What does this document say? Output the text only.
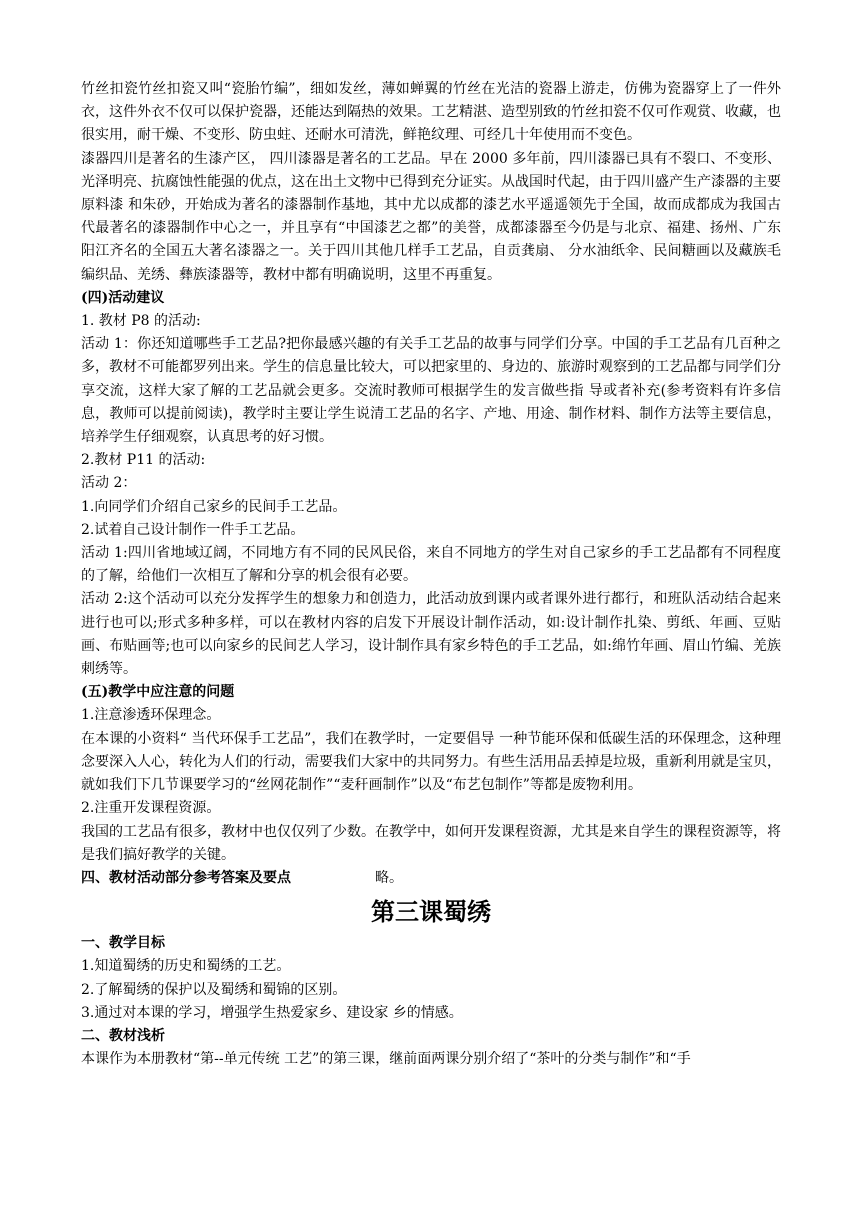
竹丝扣瓷竹丝扣瓷又叫“瓷胎竹编”，细如发丝，薄如蝉翼的竹丝在光洁的瓷器上游走，仿佛为瓷器穿上了一件外衣，这件外衣不仅可以保护瓷器，还能达到隔热的效果。工艺精湛、造型别致的竹丝扣瓷不仅可作观赏、收藏，也很实用，耐干燥、不变形、防虫蛀、还耐水可清洗，鲜艳纹理、可经几十年使用而不变色。

漆器四川是著名的生漆产区， 四川漆器是著名的工艺品。早在 2000 多年前，四川漆器已具有不裂口、不变形、光泽明亮、抗腐蚀性能强的优点，这在出土文物中已得到充分证实。从战国时代起，由于四川盛产生产漆器的主要原料漆 和朱砂，开始成为著名的漆器制作基地，其中尤以成都的漆艺水平遥遥领先于全国，故而成都成为我国古代最著名的漆器制作中心之一，并且享有“中国漆艺之都”的美誉，成都漆器至今仍是与北京、福建、扬州、广东阳江齐名的全国五大著名漆器之一。关于四川其他几样手工艺品，自贡龚扇、 分水油纸伞、民间糖画以及藏族毛编织品、羌绣、彝族漆器等，教材中都有明确说明，这里不再重复。

(四)活动建议

1. 教材 P8 的活动:

活动 1：你还知道哪些手工艺品?把你最感兴趣的有关手工艺品的故事与同学们分享。中国的手工艺品有几百种之多，教材不可能都罗列出来。学生的信息量比较大，可以把家里的、身边的、旅游时观察到的工艺品都与同学们分享交流，这样大家了解的工艺品就会更多。交流时教师可根据学生的发言做些指 导或者补充(参考资料有许多信息，教师可以提前阅读)，教学时主要让学生说清工艺品的名字、产地、用途、制作材料、制作方法等主要信息，培养学生仔细观察，认真思考的好习惯。

2.教材 P11 的活动:

活动 2：

1.向同学们介绍自己家乡的民间手工艺品。

2.试着自己设计制作一件手工艺品。

活动 1:四川省地域辽阔，不同地方有不同的民风民俗，来自不同地方的学生对自己家乡的手工艺品都有不同程度的了解，给他们一次相互了解和分享的机会很有必要。

活动 2:这个活动可以充分发挥学生的想象力和创造力，此活动放到课内或者课外进行都行，和班队活动结合起来进行也可以;形式多种多样，可以在教材内容的启发下开展设计制作活动，如:设计制作扎染、剪纸、年画、豆贴画、布贴画等;也可以向家乡的民间艺人学习，设计制作具有家乡特色的手工艺品，如:绵竹年画、眉山竹编、羌族刺绣等。

(五)教学中应注意的问题

1.注意渗透环保理念。

在本课的小资料“ 当代环保手工艺品”，我们在教学时，一定要倡导 一种节能环保和低碳生活的环保理念，这种理念要深入人心，转化为人们的行动，需要我们大家中的共同努力。有些生活用品丢掉是垃圾，重新利用就是宝贝，就如我们下几节课要学习的“丝网花制作”“麦秆画制作”以及“布艺包制作”等都是废物利用。

2.注重开发课程资源。

我国的工艺品有很多，教材中也仅仅列了少数。在教学中，如何开发课程资源，尤其是来自学生的课程资源等，将是我们搞好教学的关键。

四、教材活动部分参考答案及要点	略。

第三课蜀绣

一、教学目标

1.知道蜀绣的历史和蜀绣的工艺。

2.了解蜀绣的保护以及蜀绣和蜀锦的区别。

3.通过对本课的学习，增强学生热爱家乡、建设家 乡的情感。

二、教材浅析

本课作为本册教材“第--单元传统 工艺”的第三课，继前面两课分别介绍了“茶叶的分类与制作”和“手
